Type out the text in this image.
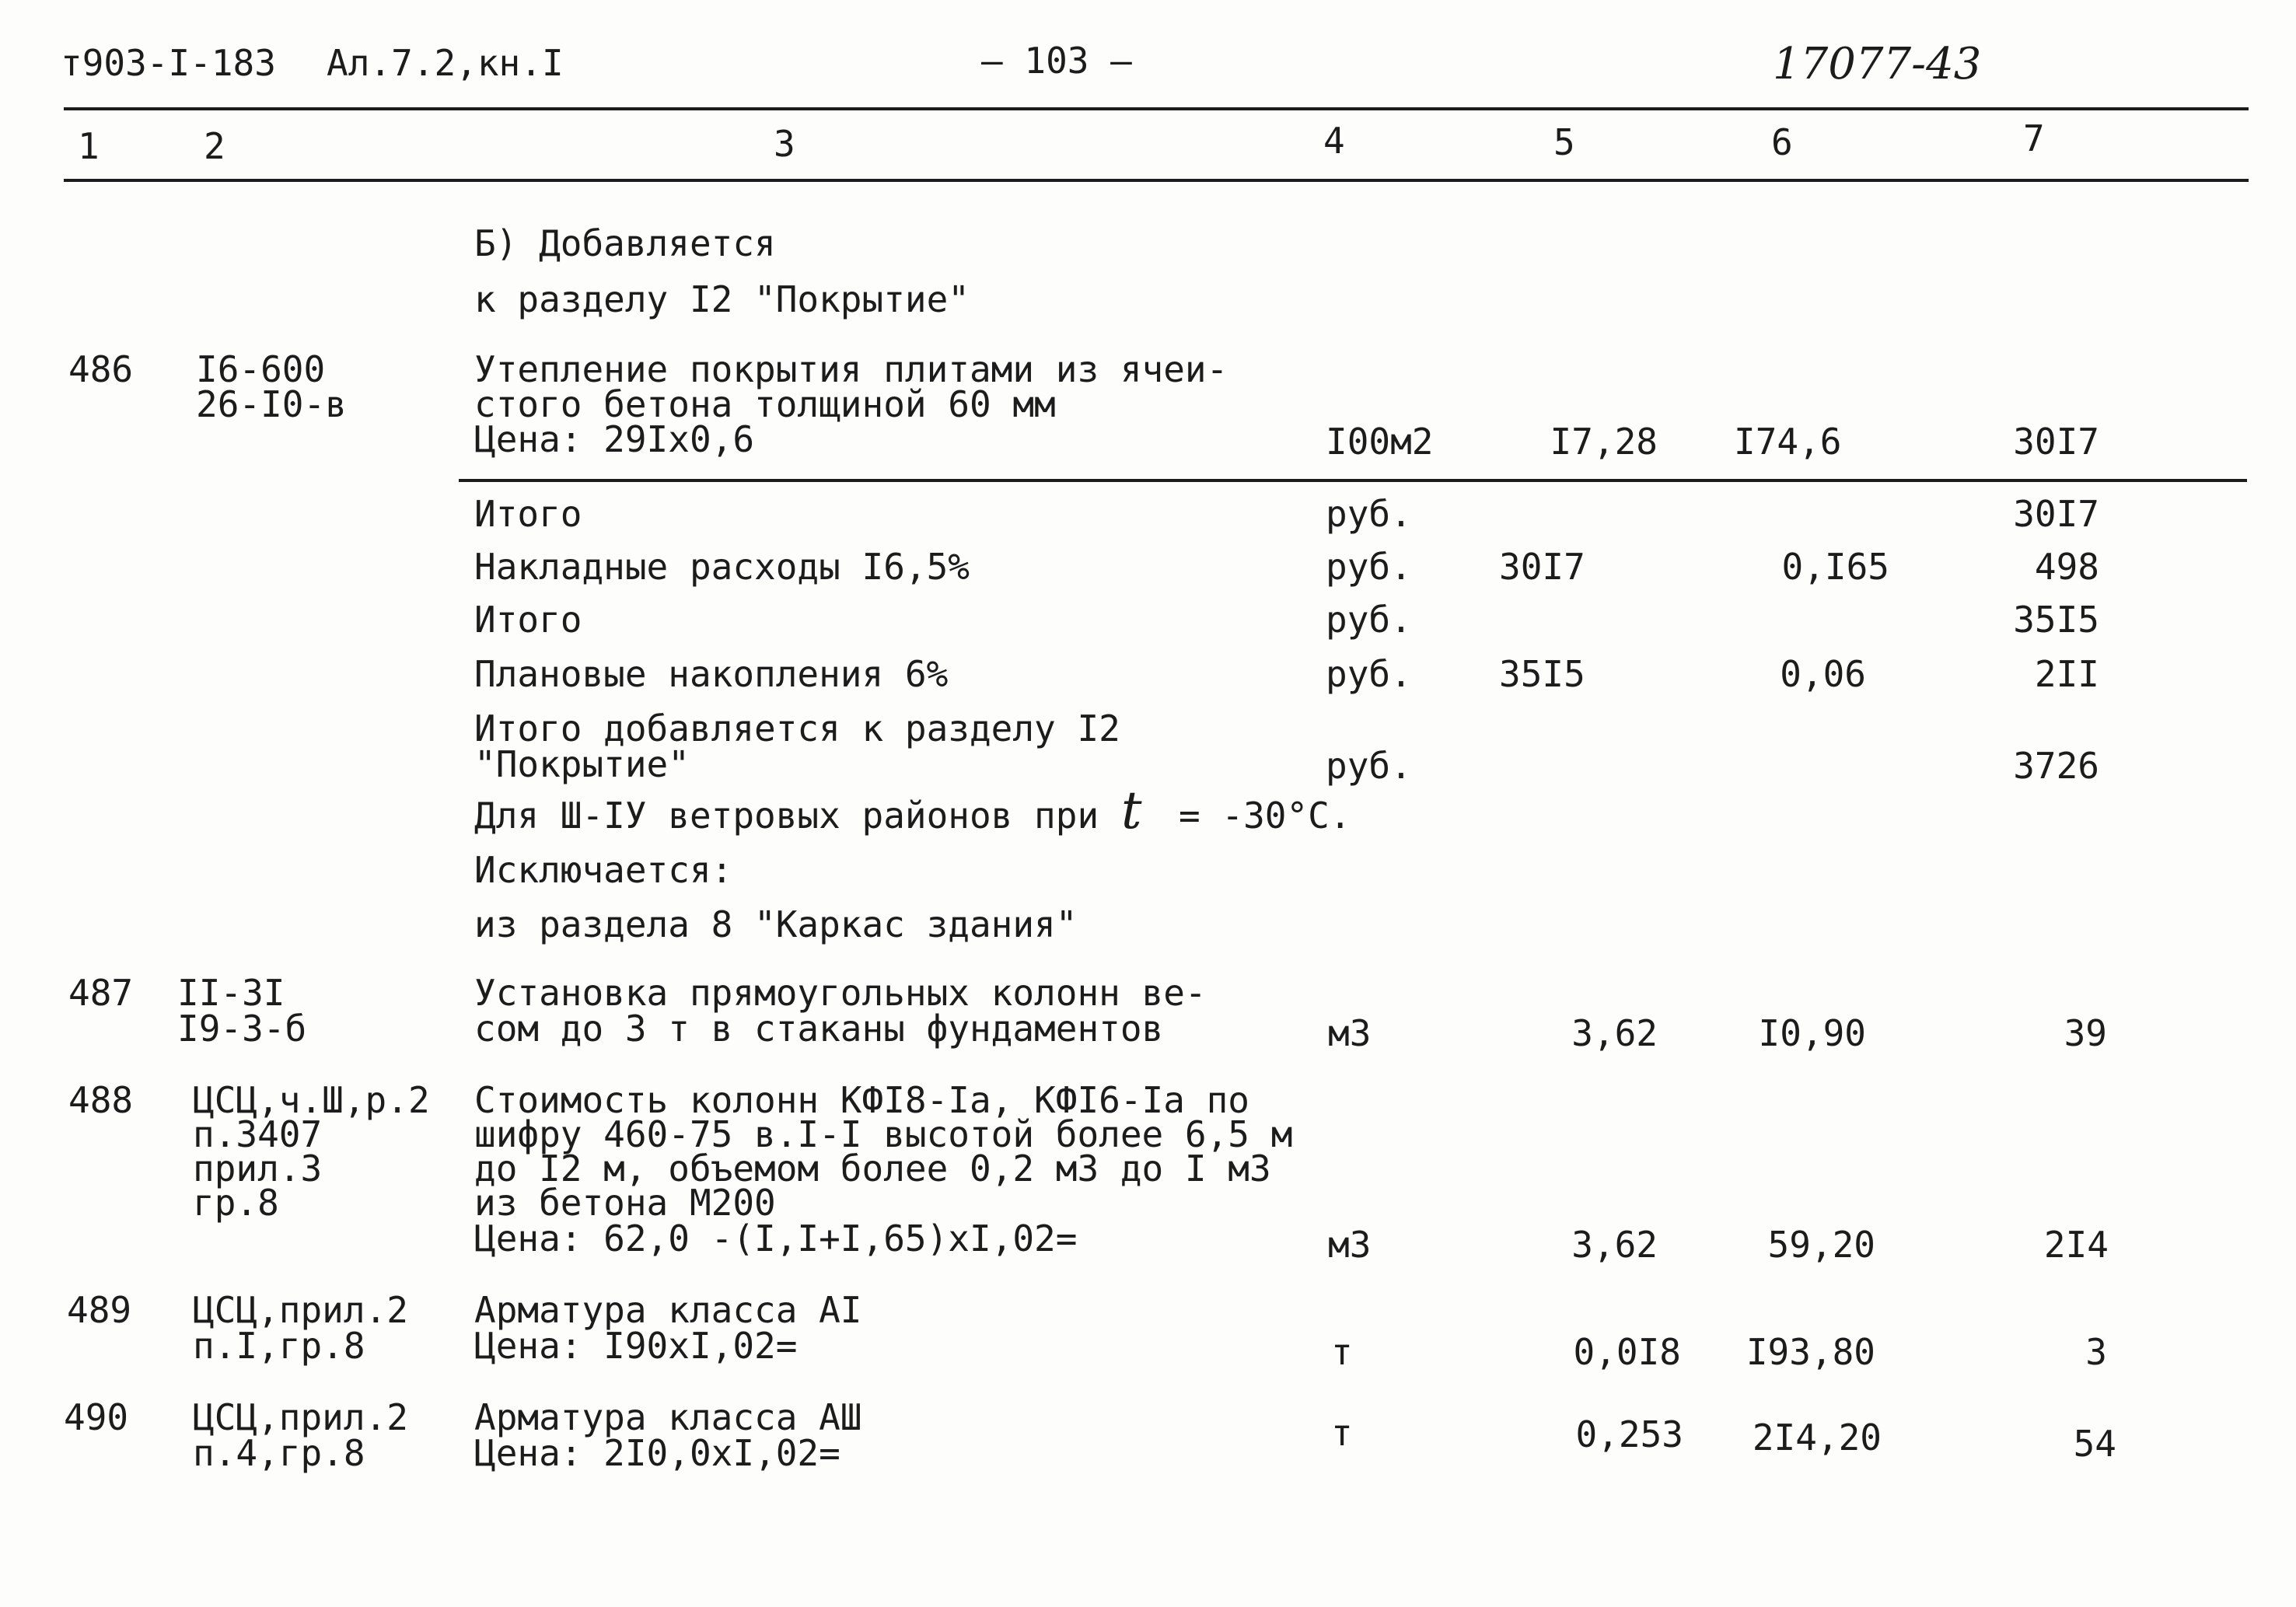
т903-I-183 Ал.7.2,кн.I	— 103 —	17077-43
1	2	3	4	5	6	7
Б) Добавляется
к разделу I2 "Покрытие"
486 I6-600
26-I0-в
Утепление покрытия плитами из ячеи-
стого бетона толщиной 60 мм
Цена: 29Iх0,6	I00м2	I7,28 I74,6	30I7
Итого	руб.	30I7
Накладные расходы I6,5%	руб. 30I7	0,I65	498
Итого	руб.	35I5
Плановые накопления 6%	руб. 35I5	0,06	2II
Итого добавляется к разделу I2
"Покрытие"	руб.	3726
Для Ш-IУ ветровых районов при t = -30°С.
Исключается:
из раздела 8 "Каркас здания"
487 II-3I
I9-3-б
Установка прямоугольных колонн ве-
сом до 3 т в стаканы фундаментов	м3	3,62	I0,90	39
488 ЦСЦ,ч.Ш,р.2
п.3407
прил.3
гр.8
Стоимость колонн КФI8-Iа, КФI6-Iа по
шифру 460-75 в.I-I высотой более 6,5 м
до I2 м, объемом более 0,2 м3 до I м3
из бетона М200
Цена: 62,0 -(I,I+I,65)хI,02=	м3	3,62	59,20	2I4
489 ЦСЦ,прил.2
п.I,гр.8
Арматура класса АI
Цена: I90хI,02=	т	0,0I8	I93,80	3
490 ЦСЦ,прил.2
п.4,гр.8
Арматура класса АШ
Цена: 2I0,0хI,02=	т	0,253	2I4,20	54
